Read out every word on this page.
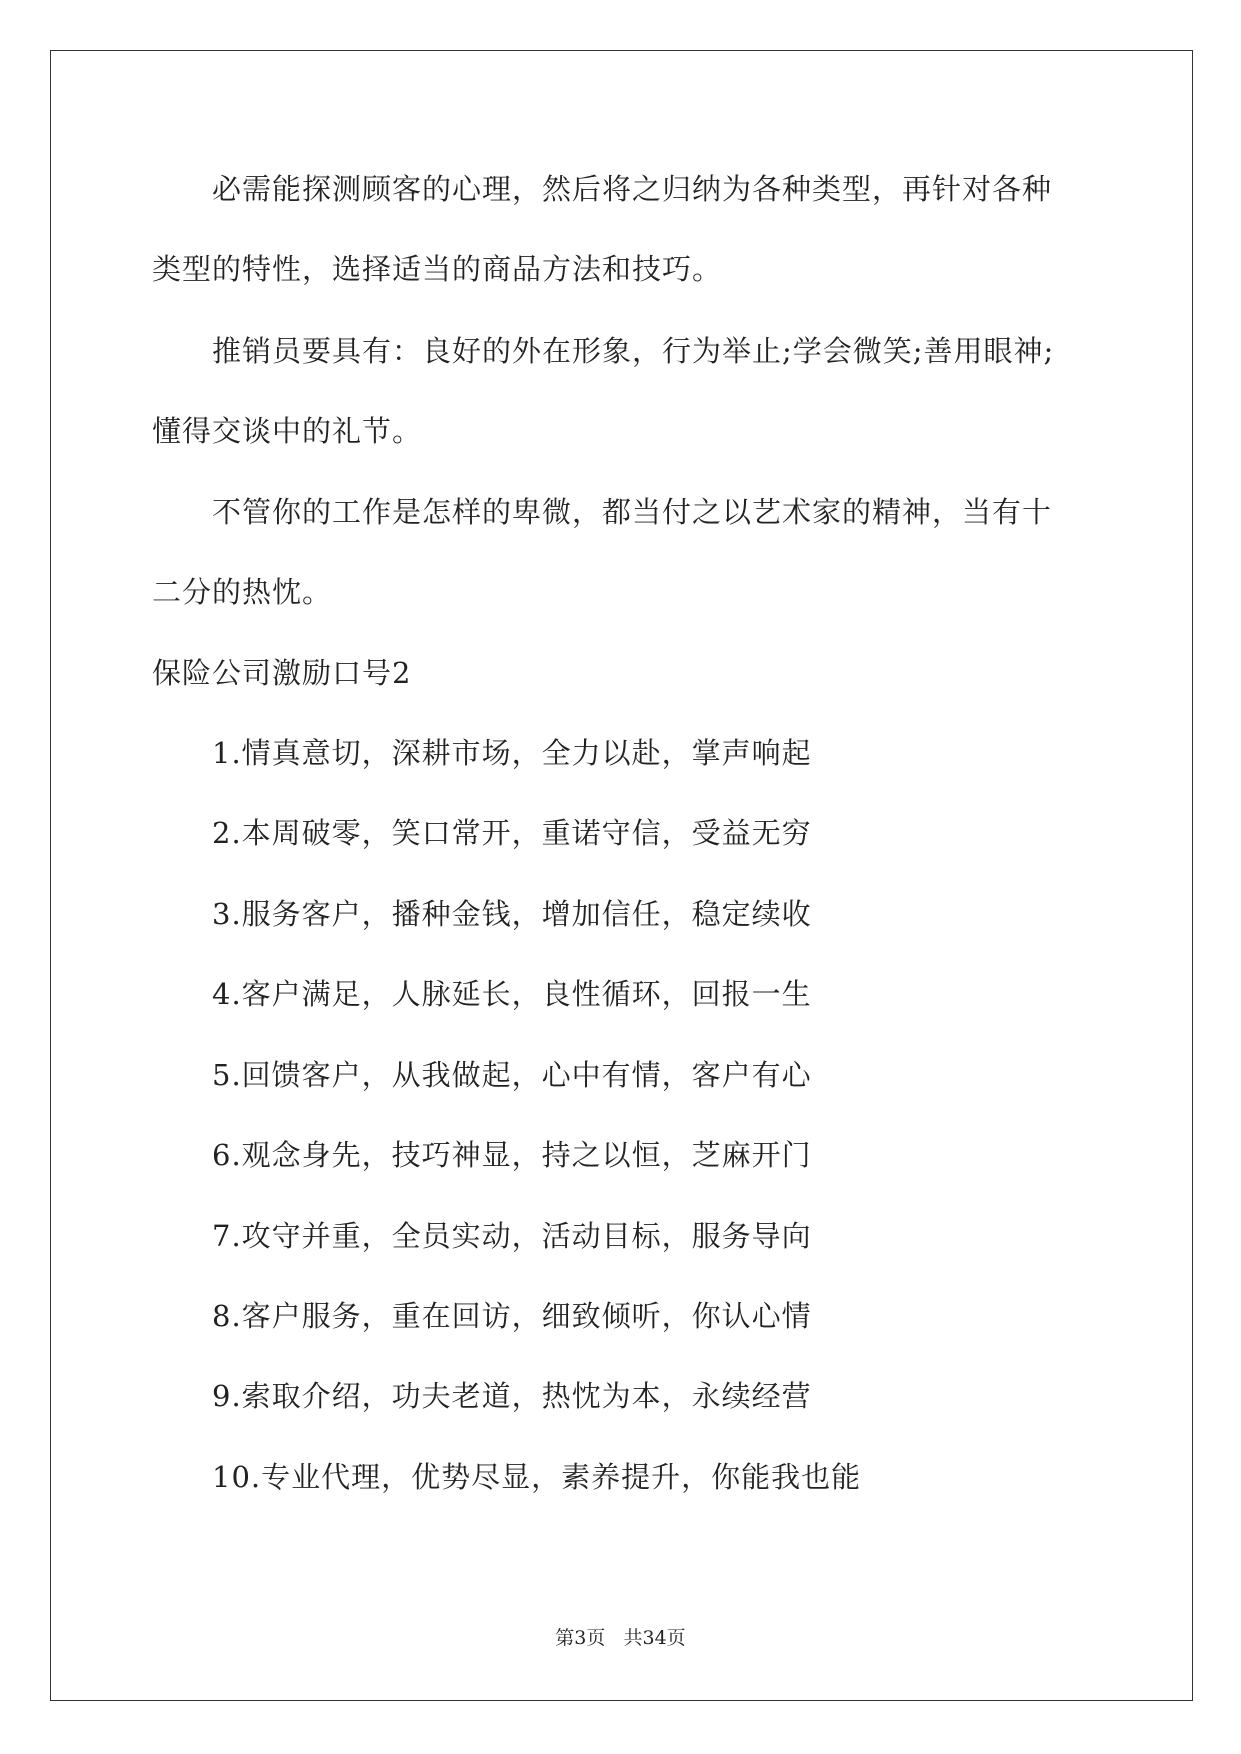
必需能探测顾客的心理，然后将之归纳为各种类型，再针对各种
类型的特性，选择适当的商品方法和技巧。
推销员要具有：良好的外在形象，行为举止;学会微笑;善用眼神;
懂得交谈中的礼节。
不管你的工作是怎样的卑微，都当付之以艺术家的精神，当有十
二分的热忱。
保险公司激励口号2
1.情真意切，深耕市场，全力以赴，掌声响起
2.本周破零，笑口常开，重诺守信，受益无穷
3.服务客户，播种金钱，增加信任，稳定续收
4.客户满足，人脉延长，良性循环，回报一生
5.回馈客户，从我做起，心中有情，客户有心
6.观念身先，技巧神显，持之以恒，芝麻开门
7.攻守并重，全员实动，活动目标，服务导向
8.客户服务，重在回访，细致倾听，你认心情
9.索取介绍，功夫老道，热忱为本，永续经营
10.专业代理，优势尽显，素养提升，你能我也能
第3页   共34页
